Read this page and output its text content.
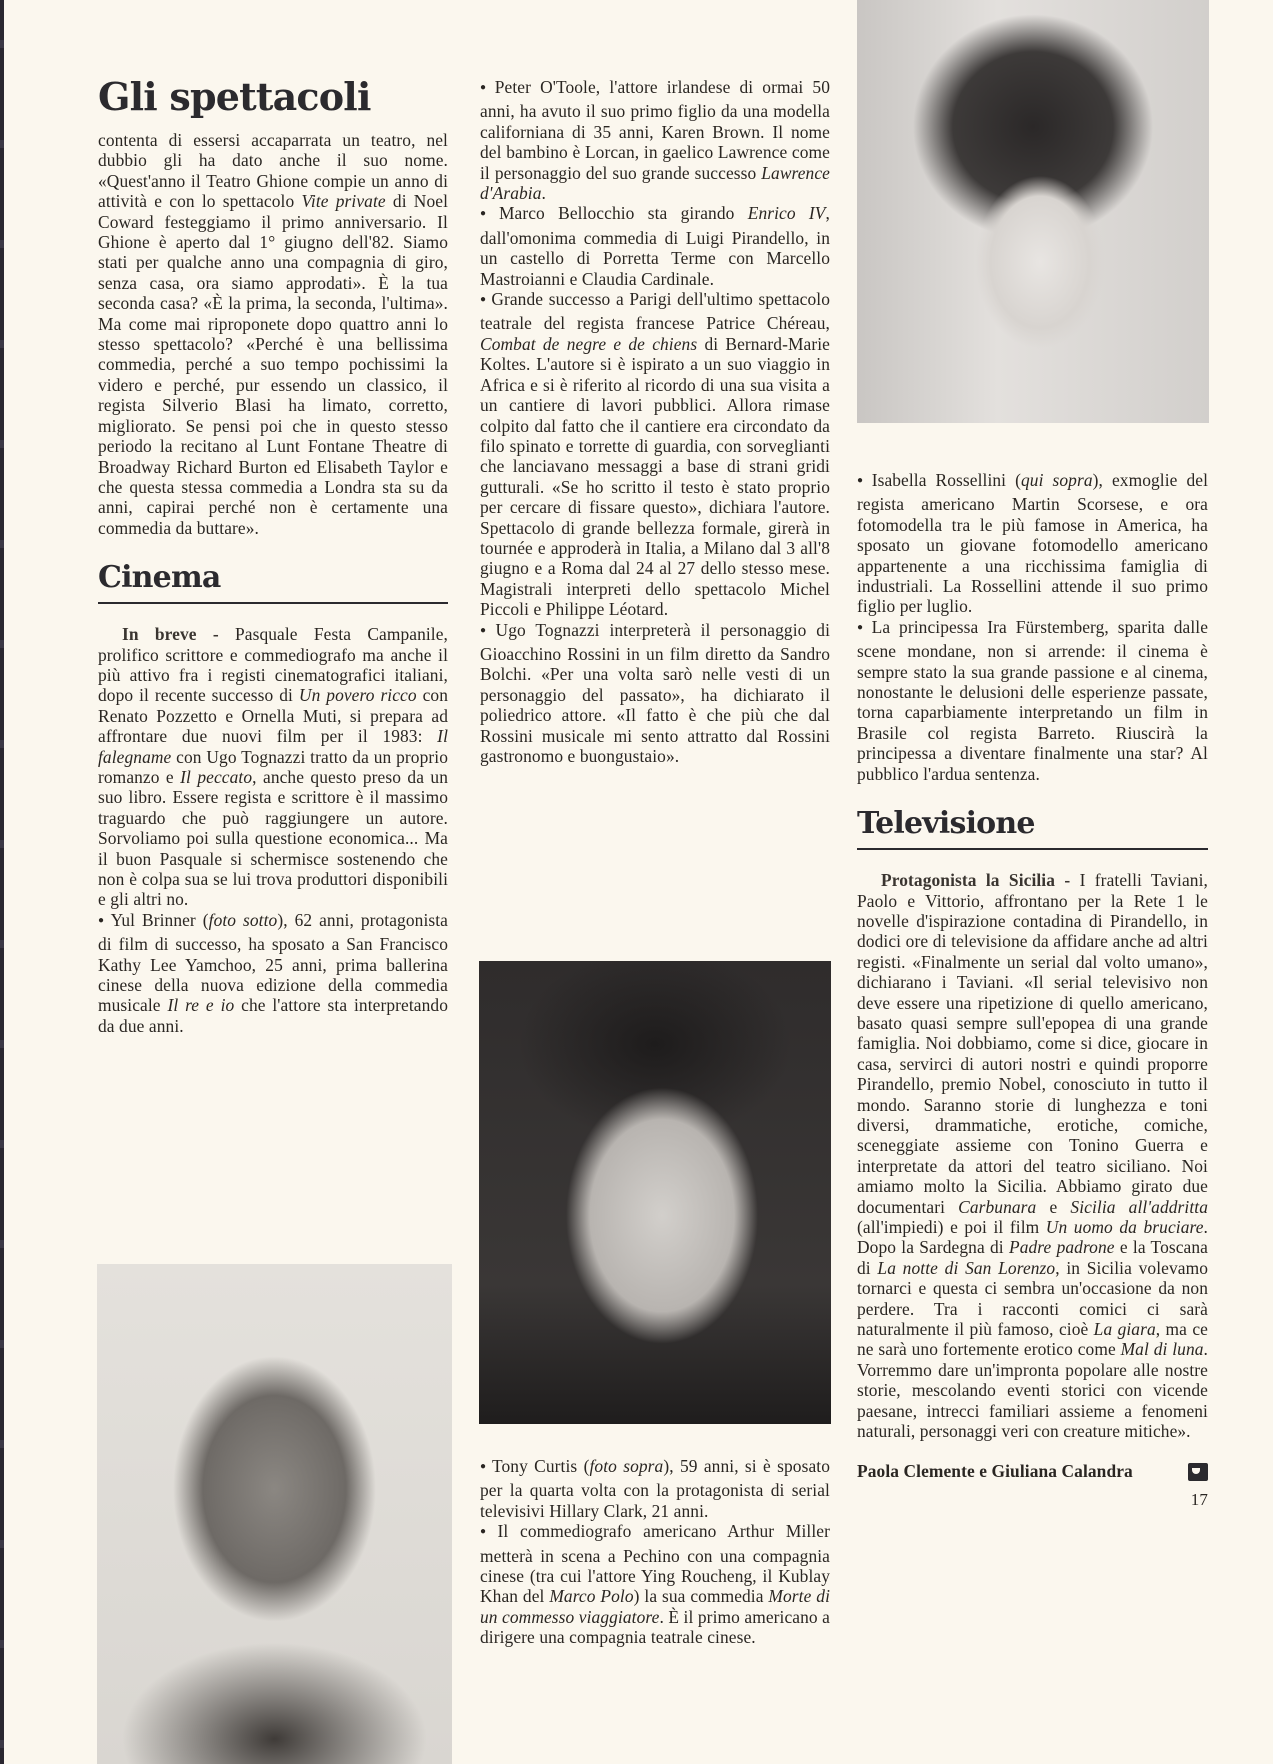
Gli spettacoli

contenta di essersi accaparrata un teatro, nel dubbio gli ha dato anche il suo nome. «Quest'anno il Teatro Ghione compie un anno di attività e con lo spettacolo Vite private di Noel Coward festeggiamo il primo anniversario. Il Ghione è aperto dal 1° giugno dell'82. Siamo stati per qualche anno una compagnia di giro, senza casa, ora siamo approdati». È la tua seconda casa? «È la prima, la seconda, l'ultima». Ma come mai riproponete dopo quattro anni lo stesso spettacolo? «Perché è una bellissima commedia, perché a suo tempo pochissimi la videro e perché, pur essendo un classico, il regista Silverio Blasi ha limato, corretto, migliorato. Se pensi poi che in questo stesso periodo la recitano al Lunt Fontane Theatre di Broadway Richard Burton ed Elisabeth Taylor e che questa stessa commedia a Londra sta su da anni, capirai perché non è certamente una commedia da buttare».

Cinema

In breve - Pasquale Festa Campanile, prolifico scrittore e commediografo ma anche il più attivo fra i registi cinematografici italiani, dopo il recente successo di Un povero ricco con Renato Pozzetto e Ornella Muti, si prepara ad affrontare due nuovi film per il 1983: Il falegname con Ugo Tognazzi tratto da un proprio romanzo e Il peccato, anche questo preso da un suo libro. Essere regista e scrittore è il massimo traguardo che può raggiungere un autore. Sorvoliamo poi sulla questione economica... Ma il buon Pasquale si schermisce sostenendo che non è colpa sua se lui trova produttori disponibili e gli altri no.

● Yul Brinner (foto sotto), 62 anni, protagonista di film di successo, ha sposato a San Francisco Kathy Lee Yamchoo, 25 anni, prima ballerina cinese della nuova edizione della commedia musicale Il re e io che l'attore sta interpretando da due anni.

● Peter O'Toole, l'attore irlandese di ormai 50 anni, ha avuto il suo primo figlio da una modella californiana di 35 anni, Karen Brown. Il nome del bambino è Lorcan, in gaelico Lawrence come il personaggio del suo grande successo Lawrence d'Arabia.

● Marco Bellocchio sta girando Enrico IV, dall'omonima commedia di Luigi Pirandello, in un castello di Porretta Terme con Marcello Mastroianni e Claudia Cardinale.

● Grande successo a Parigi dell'ultimo spettacolo teatrale del regista francese Patrice Chéreau, Combat de negre e de chiens di Bernard-Marie Koltes. L'autore si è ispirato a un suo viaggio in Africa e si è riferito al ricordo di una sua visita a un cantiere di lavori pubblici. Allora rimase colpito dal fatto che il cantiere era circondato da filo spinato e torrette di guardia, con sorveglianti che lanciavano messaggi a base di strani gridi gutturali. «Se ho scritto il testo è stato proprio per cercare di fissare questo», dichiara l'autore. Spettacolo di grande bellezza formale, girerà in tournée e approderà in Italia, a Milano dal 3 all'8 giugno e a Roma dal 24 al 27 dello stesso mese. Magistrali interpreti dello spettacolo Michel Piccoli e Philippe Léotard.

● Ugo Tognazzi interpreterà il personaggio di Gioacchino Rossini in un film diretto da Sandro Bolchi. «Per una volta sarò nelle vesti di un personaggio del passato», ha dichiarato il poliedrico attore. «Il fatto è che più che dal Rossini musicale mi sento attratto dal Rossini gastronomo e buongustaio».

● Tony Curtis (foto sopra), 59 anni, si è sposato per la quarta volta con la protagonista di serial televisivi Hillary Clark, 21 anni.

● Il commediografo americano Arthur Miller metterà in scena a Pechino con una compagnia cinese (tra cui l'attore Ying Roucheng, il Kublay Khan del Marco Polo) la sua commedia Morte di un commesso viaggiatore. È il primo americano a dirigere una compagnia teatrale cinese.

● Isabella Rossellini (qui sopra), exmoglie del regista americano Martin Scorsese, e ora fotomodella tra le più famose in America, ha sposato un giovane fotomodello americano appartenente a una ricchissima famiglia di industriali. La Rossellini attende il suo primo figlio per luglio.

● La principessa Ira Fürstemberg, sparita dalle scene mondane, non si arrende: il cinema è sempre stato la sua grande passione e al cinema, nonostante le delusioni delle esperienze passate, torna caparbiamente interpretando un film in Brasile col regista Barreto. Riuscirà la principessa a diventare finalmente una star? Al pubblico l'ardua sentenza.

Televisione

Protagonista la Sicilia - I fratelli Taviani, Paolo e Vittorio, affrontano per la Rete 1 le novelle d'ispirazione contadina di Pirandello, in dodici ore di televisione da affidare anche ad altri registi. «Finalmente un serial dal volto umano», dichiarano i Taviani. «Il serial televisivo non deve essere una ripetizione di quello americano, basato quasi sempre sull'epopea di una grande famiglia. Noi dobbiamo, come si dice, giocare in casa, servirci di autori nostri e quindi proporre Pirandello, premio Nobel, conosciuto in tutto il mondo. Saranno storie di lunghezza e toni diversi, drammatiche, erotiche, comiche, sceneggiate assieme con Tonino Guerra e interpretate da attori del teatro siciliano. Noi amiamo molto la Sicilia. Abbiamo girato due documentari Carbunara e Sicilia all'addritta (all'impiedi) e poi il film Un uomo da bruciare. Dopo la Sardegna di Padre padrone e la Toscana di La notte di San Lorenzo, in Sicilia volevamo tornarci e questa ci sembra un'occasione da non perdere. Tra i racconti comici ci sarà naturalmente il più famoso, cioè La giara, ma ce ne sarà uno fortemente erotico come Mal di luna. Vorremmo dare un'impronta popolare alle nostre storie, mescolando eventi storici con vicende paesane, intrecci familiari assieme a fenomeni naturali, personaggi veri con creature mitiche».

Paola Clemente e Giuliana Calandra

17
